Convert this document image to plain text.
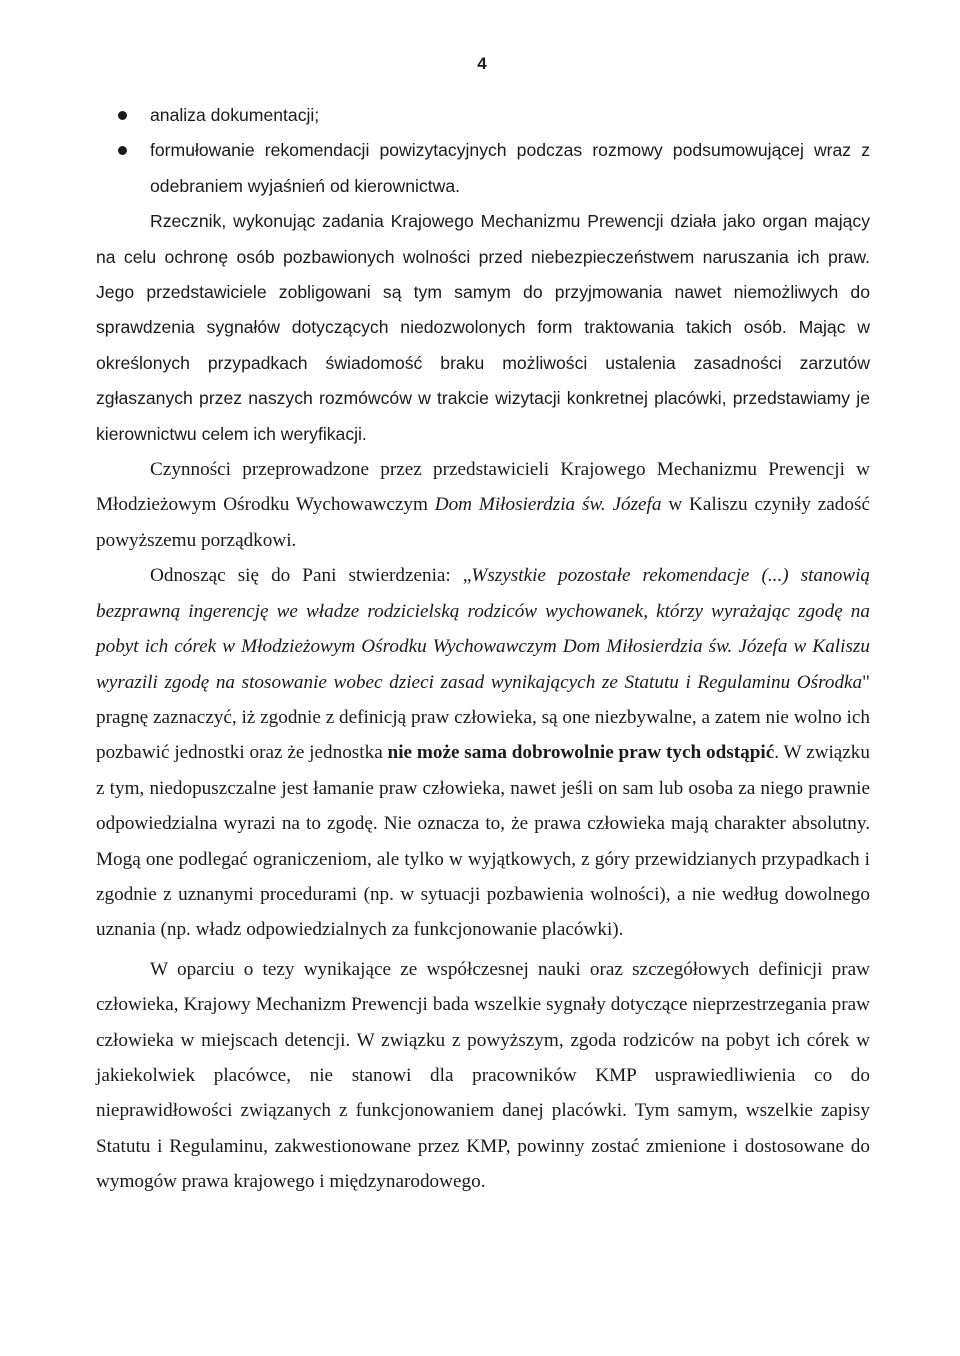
4
analiza dokumentacji;
formułowanie rekomendacji powizytacyjnych podczas rozmowy podsumowującej wraz z odebraniem wyjaśnień od kierownictwa.

Rzecznik, wykonując zadania Krajowego Mechanizmu Prewencji działa jako organ mający na celu ochronę osób pozbawionych wolności przed niebezpieczeństwem naruszania ich praw. Jego przedstawiciele zobligowani są tym samym do przyjmowania nawet niemożliwych do sprawdzenia sygnałów dotyczących niedozwolonych form traktowania takich osób. Mając w określonych przypadkach świadomość braku możliwości ustalenia zasadności zarzutów zgłaszanych przez naszych rozmówców w trakcie wizytacji konkretnej placówki, przedstawiamy je kierownictwu celem ich weryfikacji.

Czynności przeprowadzone przez przedstawicieli Krajowego Mechanizmu Prewencji w Młodzieżowym Ośrodku Wychowawczym Dom Miłosierdzia św. Józefa w Kaliszu czyniły zadość powyższemu porządkowi.

Odnosząc się do Pani stwierdzenia: „Wszystkie pozostałe rekomendacje (...) stanowią bezprawną ingerencję we władze rodzicielską rodziców wychowanek, którzy wyrażając zgodę na pobyt ich córek w Młodzieżowym Ośrodku Wychowawczym Dom Miłosierdzia św. Józefa w Kaliszu wyrazili zgodę na stosowanie wobec dzieci zasad wynikających ze Statutu i Regulaminu Ośrodka" pragnę zaznaczyć, iż zgodnie z definicją praw człowieka, są one niezbywalne, a zatem nie wolno ich pozbawić jednostki oraz że jednostka nie może sama dobrowolnie praw tych odstąpić. W związku z tym, niedopuszczalne jest łamanie praw człowieka, nawet jeśli on sam lub osoba za niego prawnie odpowiedzialna wyrazi na to zgodę. Nie oznacza to, że prawa człowieka mają charakter absolutny. Mogą one podlegać ograniczeniom, ale tylko w wyjątkowych, z góry przewidzianych przypadkach i zgodnie z uznanymi procedurami (np. w sytuacji pozbawienia wolności), a nie według dowolnego uznania (np. władz odpowiedzialnych za funkcjonowanie placówki).

W oparciu o tezy wynikające ze współczesnej nauki oraz szczegółowych definicji praw człowieka, Krajowy Mechanizm Prewencji bada wszelkie sygnały dotyczące nieprzestrzegania praw człowieka w miejscach detencji. W związku z powyższym, zgoda rodziców na pobyt ich córek w jakiekolwiek placówce, nie stanowi dla pracowników KMP usprawiedliwienia co do nieprawidłowości związanych z funkcjonowaniem danej placówki. Tym samym, wszelkie zapisy Statutu i Regulaminu, zakwestionowane przez KMP, powinny zostać zmienione i dostosowane do wymogów prawa krajowego i międzynarodowego.
